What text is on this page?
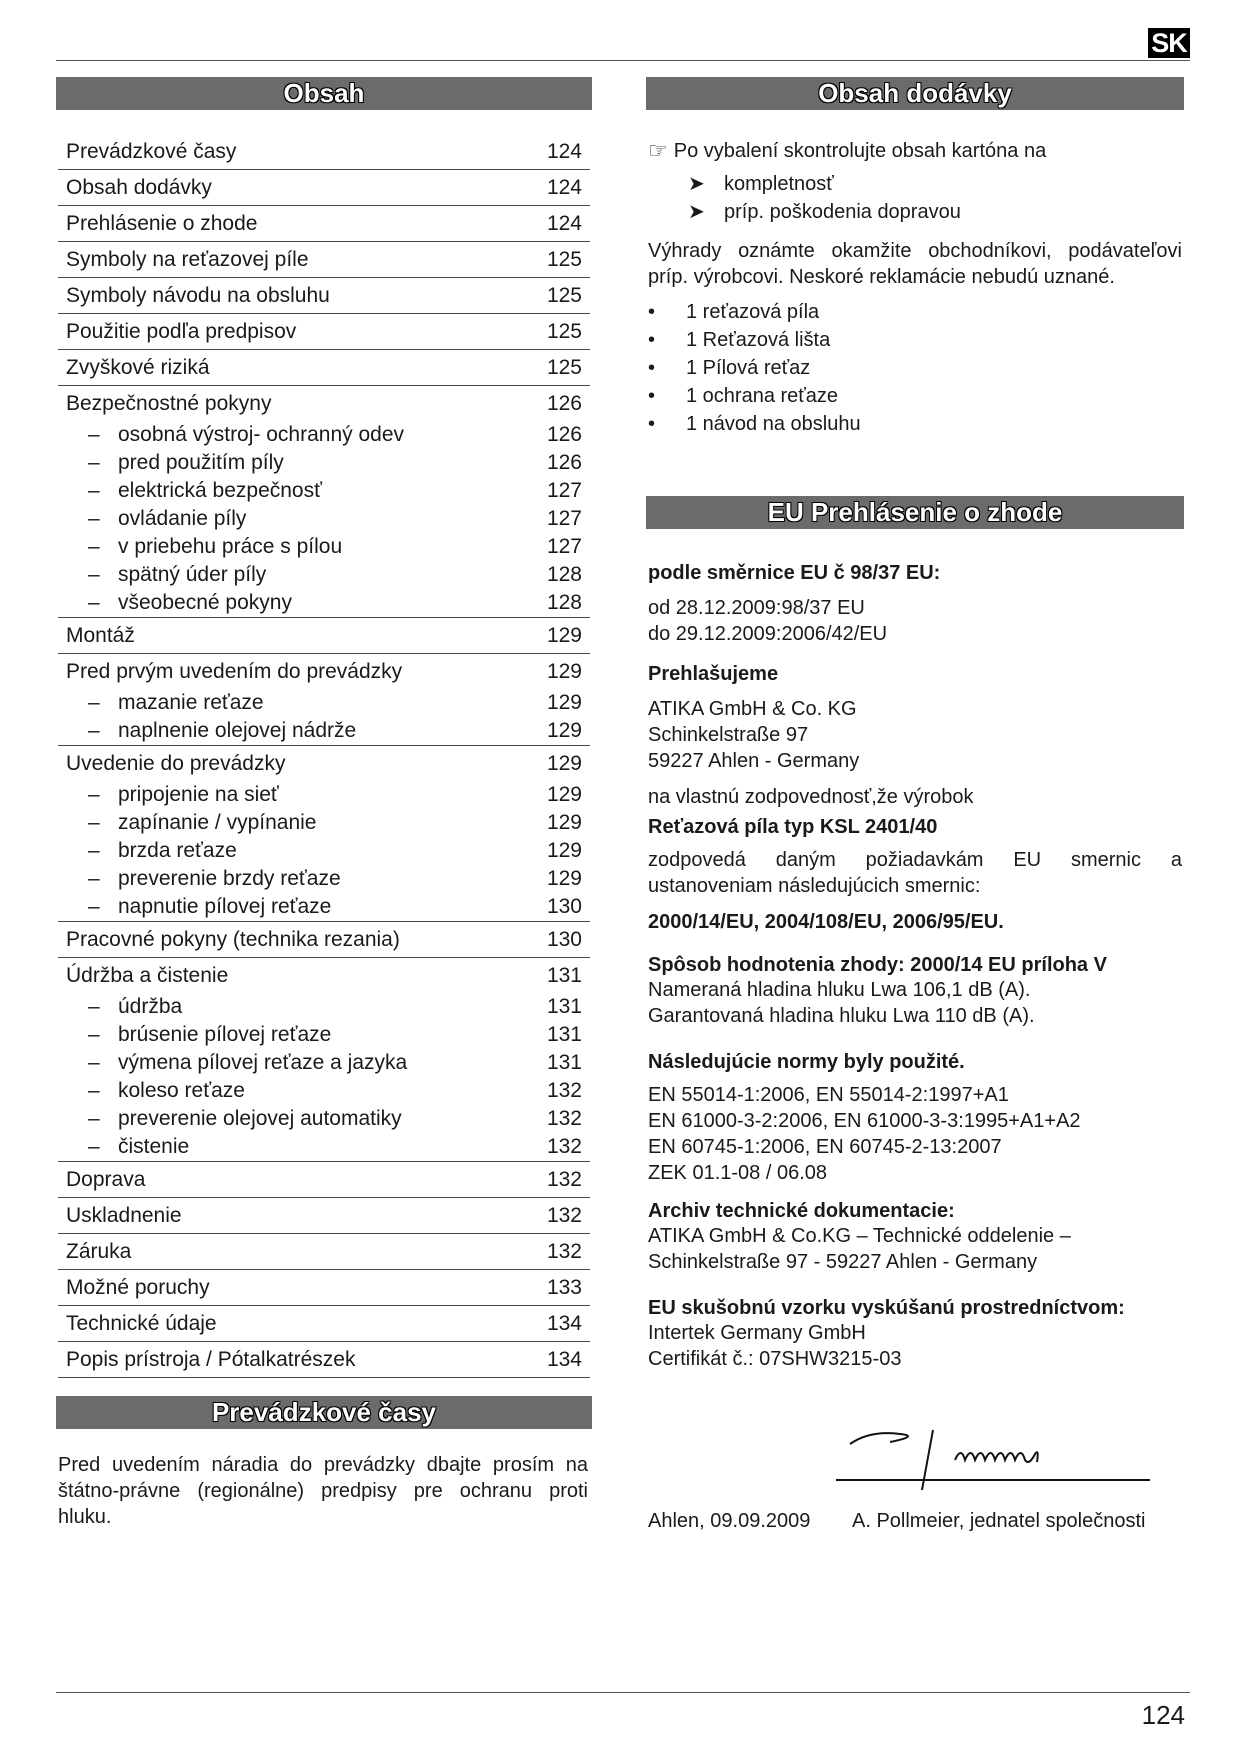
SK
Obsah
Prevádzkové časy	124
Obsah dodávky	124
Prehlásenie o zhode	124
Symboly na reťazovej píle	125
Symboly návodu na obsluhu	125
Použitie podľa predpisov	125
Zvyškové riziká	125
Bezpečnostné pokyny	126
– osobná výstroj- ochranný odev	126
– pred použitím píly	126
– elektrická bezpečnosť	127
– ovládanie píly	127
– v priebehu práce s pílou	127
– spätný úder píly	128
– všeobecné pokyny	128
Montáž	129
Pred prvým uvedením do prevádzky	129
– mazanie reťaze	129
– naplnenie olejovej nádrže	129
Uvedenie do prevádzky	129
– pripojenie na sieť	129
– zapínanie / vypínanie	129
– brzda reťaze	129
– preverenie brzdy reťaze	129
– napnutie pílovej reťaze	130
Pracovné pokyny (technika rezania)	130
Údržba a čistenie	131
– údržba	131
– brúsenie pílovej reťaze	131
– výmena pílovej reťaze a jazyka	131
– koleso reťaze	132
– preverenie olejovej automatiky	132
– čistenie	132
Doprava	132
Uskladnenie	132
Záruka	132
Možné poruchy	133
Technické údaje	134
Popis prístroja / Pótalkatrészek	134
Prevádzkové časy

Pred uvedením náradia do prevádzky dbajte prosím na štátno-právne (regionálne) predpisy pre ochranu proti hluku.

Obsah dodávky
☞ Po vybalení skontrolujte obsah kartóna na
➤ kompletnosť
➤ príp. poškodenia dopravou

Výhrady oznámte okamžite obchodníkovi, podávateľovi príp. výrobcovi. Neskoré reklamácie nebudú uznané.

• 1 reťazová píla
• 1 Reťazová lišta
• 1 Pílová reťaz
• 1 ochrana reťaze
• 1 návod na obsluhu
EU Prehlásenie o zhode
podle směrnice EU č 98/37 EU:
od 28.12.2009:98/37 EU
do 29.12.2009:2006/42/EU
Prehlašujeme
ATIKA GmbH & Co. KG
Schinkelstraße 97
59227 Ahlen - Germany
na vlastnú zodpovednosť,že výrobok
Reťazová píla typ KSL 2401/40

zodpovedá daným požiadavkám EU smernic a ustanoveniam následujúcich smernic:

2000/14/EU, 2004/108/EU, 2006/95/EU.
Spôsob hodnotenia zhody: 2000/14 EU príloha V
Nameraná hladina hluku Lwa 106,1 dB (A).
Garantovaná hladina hluku Lwa 110 dB (A).
Následujúcie normy byly použité.
EN 55014-1:2006, EN 55014-2:1997+A1
EN 61000-3-2:2006, EN 61000-3-3:1995+A1+A2
EN 60745-1:2006, EN 60745-2-13:2007
ZEK 01.1-08 / 06.08
Archiv technické dokumentacie:
ATIKA GmbH & Co.KG – Technické oddelenie –
Schinkelstraße 97 - 59227 Ahlen - Germany
EU skušobnú vzorku vyskúšanú prostredníctvom:
Intertek Germany GmbH
Certifikát č.: 07SHW3215-03
Ahlen, 09.09.2009 A. Pollmeier, jednatel společnosti
124
